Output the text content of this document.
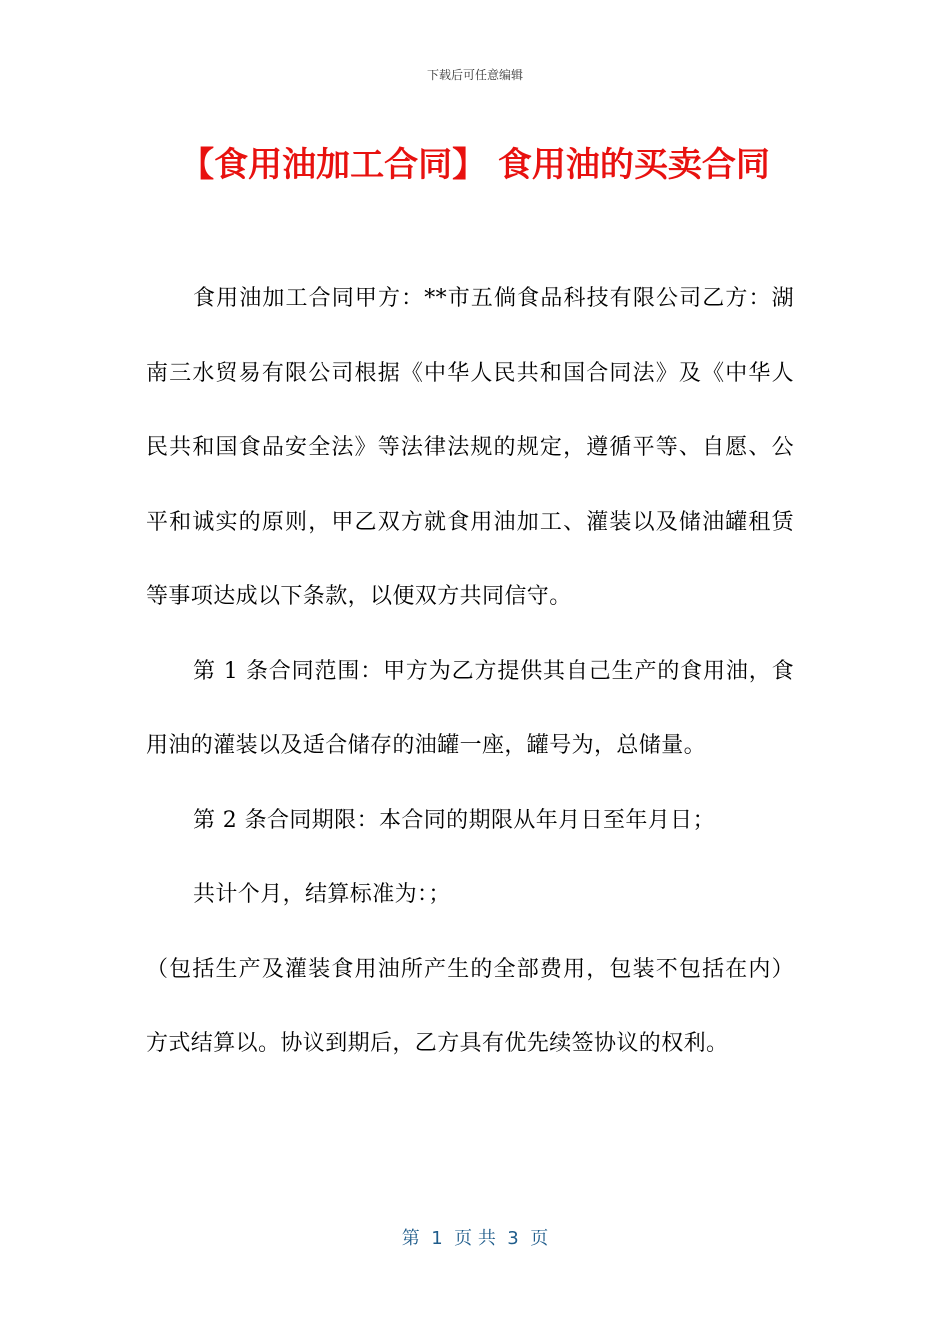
下载后可任意编辑
【食用油加工合同】 食用油的买卖合同

食用油加工合同甲方：**市五倘食品科技有限公司乙方：湖南三水贸易有限公司根据《中华人民共和国合同法》及《中华人民共和国食品安全法》等法律法规的规定，遵循平等、自愿、公平和诚实的原则，甲乙双方就食用油加工、灌装以及储油罐租赁等事项达成以下条款，以便双方共同信守。

第 1 条合同范围：甲方为乙方提供其自己生产的食用油，食用油的灌装以及适合储存的油罐一座，罐号为，总储量。

第 2 条合同期限：本合同的期限从年月日至年月日；

共计个月，结算标准为：；

（包括生产及灌装食用油所产生的全部费用，包装不包括在内）方式结算以。协议到期后，乙方具有优先续签协议的权利。

第  1  页 共  3  页
